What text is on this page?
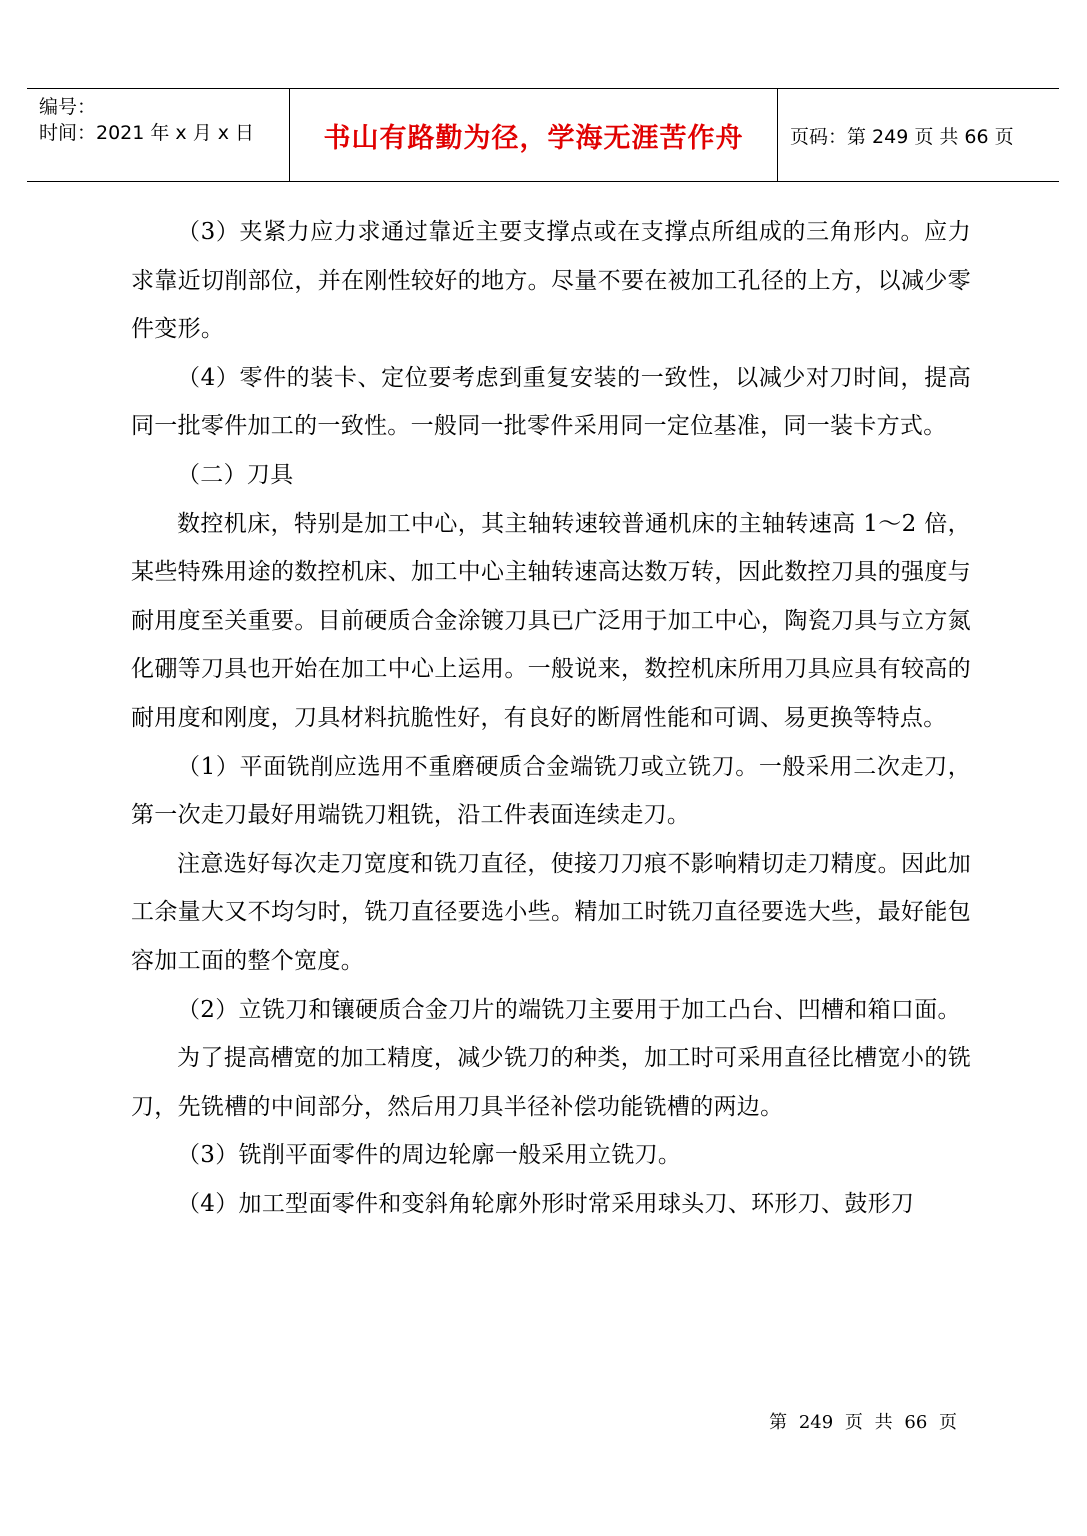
编号：
时间：2021 年 x 月 x 日	书山有路勤为径，学海无涯苦作舟	页码：第 249 页 共 66 页

（3）夹紧力应力求通过靠近主要支撑点或在支撑点所组成的三角形内。应力求靠近切削部位，并在刚性较好的地方。尽量不要在被加工孔径的上方，以减少零件变形。

（4）零件的装卡、定位要考虑到重复安装的一致性，以减少对刀时间，提高同一批零件加工的一致性。一般同一批零件采用同一定位基准，同一装卡方式。

（二）刀具

数控机床，特别是加工中心，其主轴转速较普通机床的主轴转速高 1～2 倍，某些特殊用途的数控机床、加工中心主轴转速高达数万转，因此数控刀具的强度与耐用度至关重要。目前硬质合金涂镀刀具已广泛用于加工中心，陶瓷刀具与立方氮化硼等刀具也开始在加工中心上运用。一般说来，数控机床所用刀具应具有较高的耐用度和刚度，刀具材料抗脆性好，有良好的断屑性能和可调、易更换等特点。

（1）平面铣削应选用不重磨硬质合金端铣刀或立铣刀。一般采用二次走刀，第一次走刀最好用端铣刀粗铣，沿工件表面连续走刀。

注意选好每次走刀宽度和铣刀直径，使接刀刀痕不影响精切走刀精度。因此加工余量大又不均匀时，铣刀直径要选小些。精加工时铣刀直径要选大些，最好能包容加工面的整个宽度。

（2）立铣刀和镶硬质合金刀片的端铣刀主要用于加工凸台、凹槽和箱口面。

为了提高槽宽的加工精度，减少铣刀的种类，加工时可采用直径比槽宽小的铣刀，先铣槽的中间部分，然后用刀具半径补偿功能铣槽的两边。

（3）铣削平面零件的周边轮廓一般采用立铣刀。

（4）加工型面零件和变斜角轮廓外形时常采用球头刀、环形刀、鼓形刀

第 249 页 共 66 页
